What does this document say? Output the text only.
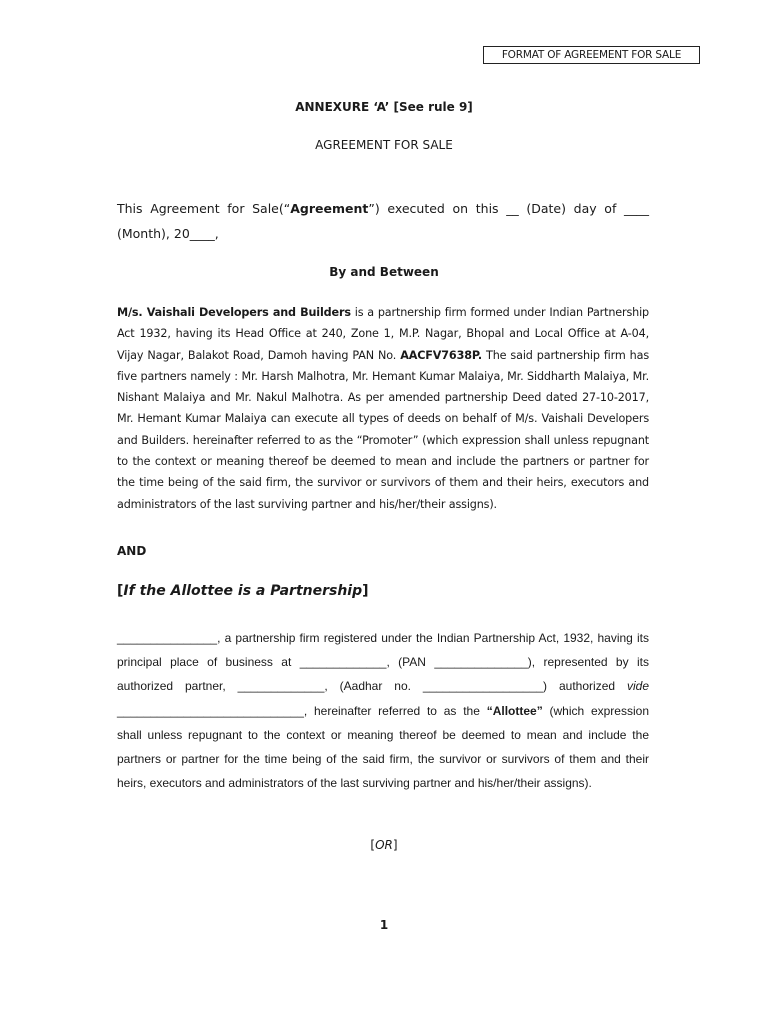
FORMAT OF AGREEMENT FOR SALE
ANNEXURE ‘A’ [See rule 9]
AGREEMENT FOR SALE

This Agreement for Sale(“Agreement”) executed on this __ (Date) day of ____ (Month), 20____,

By and Between

M/s. Vaishali Developers and Builders is a partnership firm formed under Indian Partnership Act 1932, having its Head Office at 240, Zone 1, M.P. Nagar, Bhopal and Local Office at A-04, Vijay Nagar, Balakot Road, Damoh having PAN No. AACFV7638P. The said partnership firm has five partners namely : Mr. Harsh Malhotra, Mr. Hemant Kumar Malaiya, Mr. Siddharth Malaiya, Mr. Nishant Malaiya and Mr. Nakul Malhotra. As per amended partnership Deed dated 27-10-2017, Mr. Hemant Kumar Malaiya can execute all types of deeds on behalf of M/s. Vaishali Developers and Builders. hereinafter referred to as the “Promoter” (which expression shall unless repugnant to the context or meaning thereof be deemed to mean and include the partners or partner for the time being of the said firm, the survivor or survivors of them and their heirs, executors and administrators of the last surviving partner and his/her/their assigns).

AND
[If the Allottee is a Partnership]

_______________, a partnership firm registered under the Indian Partnership Act, 1932, having its principal place of business at _____________, (PAN ______________), represented by its authorized partner, _____________, (Aadhar no. __________________) authorized vide ____________________________, hereinafter referred to as the “Allottee” (which expression shall unless repugnant to the context or meaning thereof be deemed to mean and include the partners or partner for the time being of the said firm, the survivor or survivors of them and their heirs, executors and administrators of the last surviving partner and his/her/their assigns).

[OR]
1
